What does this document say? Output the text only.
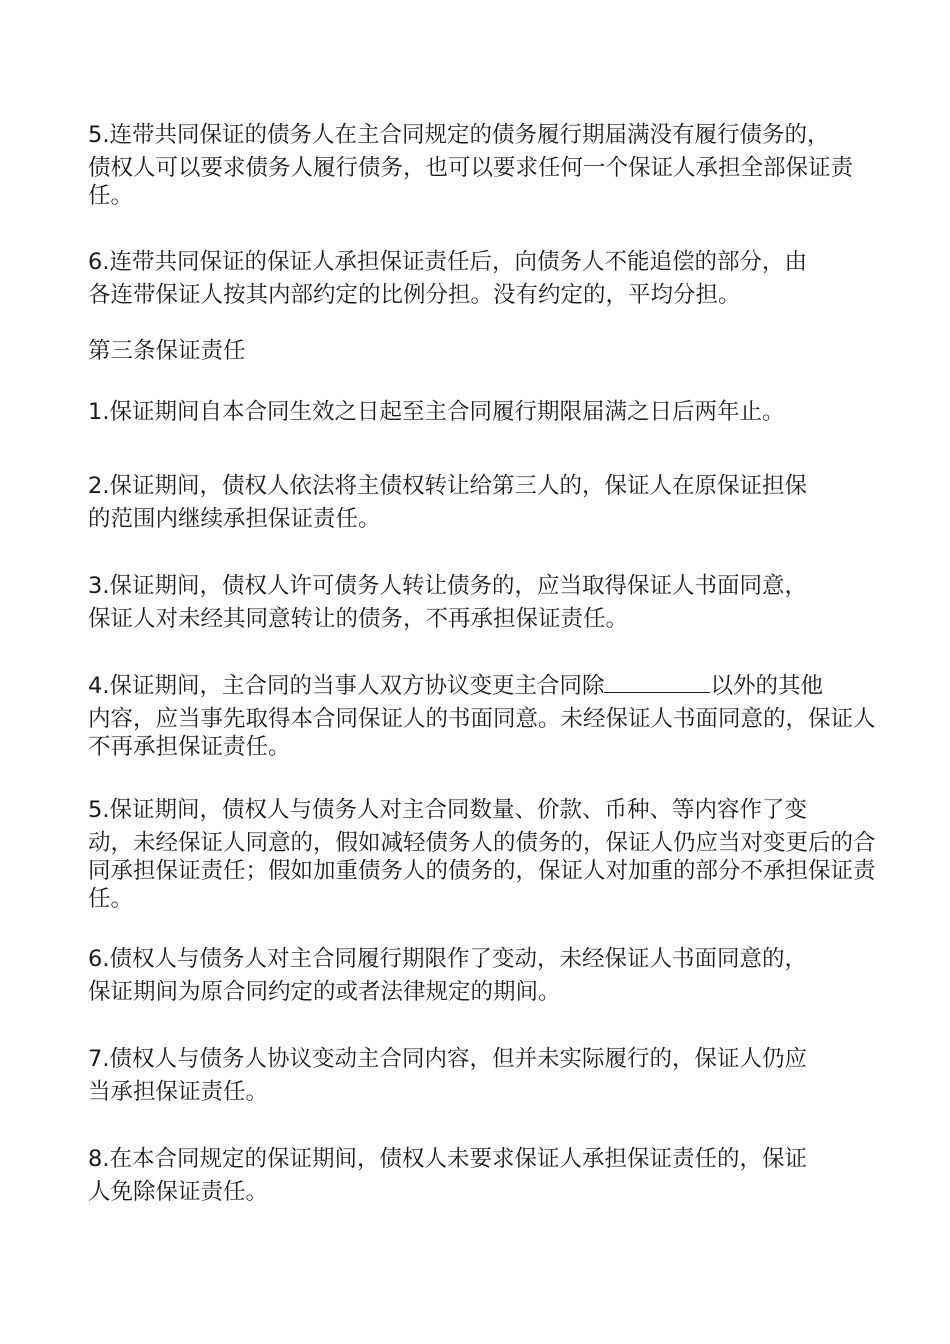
5.连带共同保证的债务人在主合同规定的债务履行期届满没有履行债务的，
债权人可以要求债务人履行债务，也可以要求任何一个保证人承担全部保证责任。
6.连带共同保证的保证人承担保证责任后，向债务人不能追偿的部分，由
各连带保证人按其内部约定的比例分担。没有约定的，平均分担。
第三条保证责任
1.保证期间自本合同生效之日起至主合同履行期限届满之日后两年止。
2.保证期间，债权人依法将主债权转让给第三人的，保证人在原保证担保
的范围内继续承担保证责任。
3.保证期间，债权人许可债务人转让债务的，应当取得保证人书面同意，
保证人对未经其同意转让的债务，不再承担保证责任。
4.保证期间，主合同的当事人双方协议变更主合同除	以外的其他
内容，应当事先取得本合同保证人的书面同意。未经保证人书面同意的，保证人不再承担保证责任。
5.保证期间，债权人与债务人对主合同数量、价款、币种、等内容作了变
动，未经保证人同意的，假如减轻债务人的债务的，保证人仍应当对变更后的合同承担保证责任；假如加重债务人的债务的，保证人对加重的部分不承担保证责任。
6.债权人与债务人对主合同履行期限作了变动，未经保证人书面同意的，
保证期间为原合同约定的或者法律规定的期间。
7.债权人与债务人协议变动主合同内容，但并未实际履行的，保证人仍应
当承担保证责任。
8.在本合同规定的保证期间，债权人未要求保证人承担保证责任的，保证
人免除保证责任。
